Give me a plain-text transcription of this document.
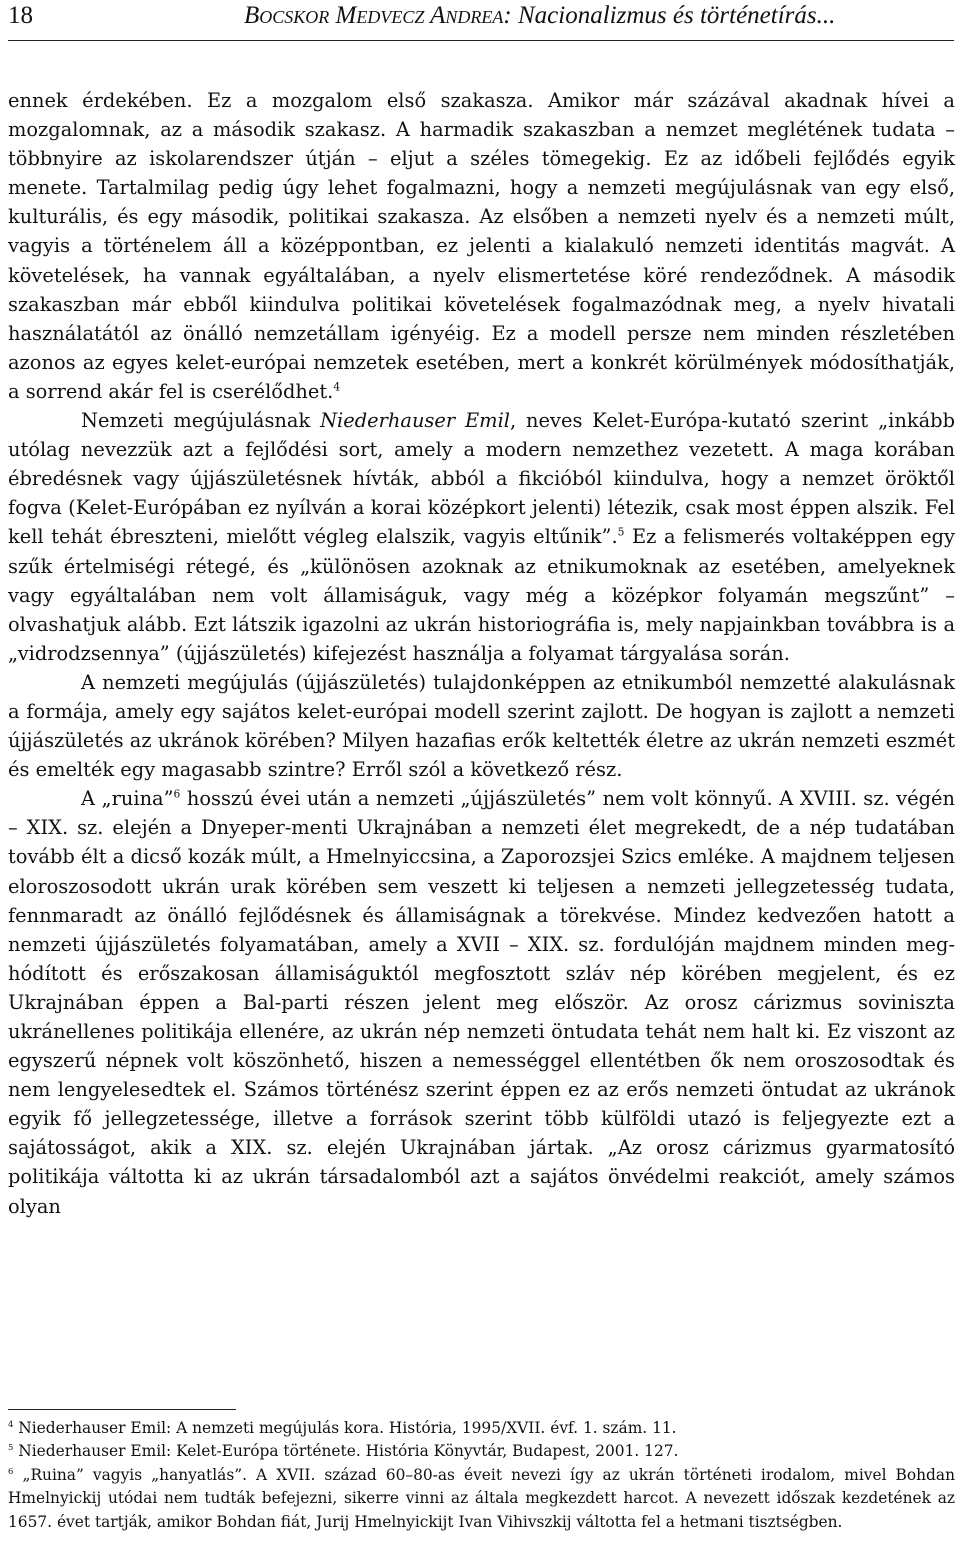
18	Bocskor Medvecz Andrea: Nacionalizmus és történetírás...

ennek érdekében. Ez a mozgalom első szakasza. Amikor már százával akadnak hívei a mozgalomnak, az a második szakasz. A harmadik szakaszban a nemzet meglétének tudata – többnyire az iskolarendszer útján – eljut a széles tömegekig. Ez az időbeli fejlődés egyik menete. Tartalmilag pedig úgy lehet fogalmazni, hogy a nemzeti megújulásnak van egy első, kulturális, és egy második, politikai szakasza. Az elsőben a nemzeti nyelv és a nemzeti múlt, vagyis a történelem áll a középpontban, ez jelenti a kialakuló nemzeti identitás magvát. A követelések, ha vannak egyáltalában, a nyelv elismertetése köré rendeződnek. A második szakaszban már ebből kiindulva politikai követelések fogalmazódnak meg, a nyelv hivatali használatától az önálló nemzetállam igényéig. Ez a modell persze nem minden részletében azonos az egyes kelet-európai nemzetek esetében, mert a konkrét körülmények módosíthatják, a sorrend akár fel is cserélődhet.$^4$

Nemzeti megújulásnak Niederhauser Emil, neves Kelet-Európa-kutató szerint „inkább utólag nevezzük azt a fejlődési sort, amely a modern nemzethez vezetett. A maga korában ébredésnek vagy újjászületésnek hívták, abból a fikcióból kiindulva, hogy a nemzet öröktől fogva (Kelet-Európában ez nyílván a korai középkort jelenti) létezik, csak most éppen alszik. Fel kell tehát ébreszteni, mielőtt végleg elalszik, vagyis eltűnik”.$^5$ Ez a felismerés voltaképpen egy szűk értelmiségi rétegé, és „különösen azoknak az etnikumoknak az esetében, amelyeknek vagy egyáltalában nem volt államiságuk, vagy még a középkor folyamán megszűnt” – olvashatjuk alább. Ezt látszik igazolni az ukrán historiográfia is, mely napjainkban továbbra is a „vidrodzsennya” (újjászületés) kifejezést használja a folyamat tárgyalása során.

A nemzeti megújulás (újjászületés) tulajdonképpen az etnikumból nemzetté alakulásnak a formája, amely egy sajátos kelet-európai modell szerint zajlott. De hogyan is zajlott a nemzeti újjászületés az ukránok körében? Milyen hazafias erők keltették életre az ukrán nemzeti eszmét és emelték egy magasabb szintre? Erről szól a következő rész.

A „ruina”$^6$ hosszú évei után a nemzeti „újjászületés” nem volt könnyű. A XVIII. sz. végén – XIX. sz. elején a Dnyeper-menti Ukrajnában a nemzeti élet megrekedt, de a nép tudatában tovább élt a dicső kozák múlt, a Hmelnyiccsina, a Zaporozsjei Szics emléke. A majdnem teljesen eloroszosodott ukrán urak körében sem veszett ki teljesen a nemzeti jellegzetesség tudata, fennmaradt az önálló fejlődésnek és államiságnak a törekvése. Mindez kedvezően hatott a nemzeti újjászületés folyamatában, amely a XVII – XIX. sz. fordulóján majdnem minden meghódított és erőszakosan államiságuktól megfosztott szláv nép körében megjelent, és ez Ukrajnában éppen a Bal-parti részen jelent meg először. Az orosz cárizmus soviniszta ukránellenes politikája ellenére, az ukrán nép nemzeti öntudata tehát nem halt ki. Ez viszont az egyszerű népnek volt köszönhető, hiszen a nemességgel ellentétben ők nem oroszosodtak és nem lengyelesedtek el. Számos történész szerint éppen ez az erős nemzeti öntudat az ukránok egyik fő jellegzetessége, illetve a források szerint több külföldi utazó is feljegyezte ezt a sajátosságot, akik a XIX. sz. elején Ukrajnában jártak. „Az orosz cárizmus gyarmatosító politikája váltotta ki az ukrán társadalomból azt a sajátos önvédelmi reakciót, amely számos olyan

$^4$ Niederhauser Emil: A nemzeti megújulás kora. História, 1995/XVII. évf. 1. szám. 11.

$^5$ Niederhauser Emil: Kelet-Európa története. História Könyvtár, Budapest, 2001. 127.

$^6$ „Ruina” vagyis „hanyatlás”. A XVII. század 60–80-as éveit nevezi így az ukrán történeti irodalom, mivel Bohdan Hmelnyickij utódai nem tudták befejezni, sikerre vinni az általa megkezdett harcot. A nevezett időszak kezdetének az 1657. évet tartják, amikor Bohdan fiát, Jurij Hmelnyickijt Ivan Vihivszkij váltotta fel a hetmani tisztségben.
